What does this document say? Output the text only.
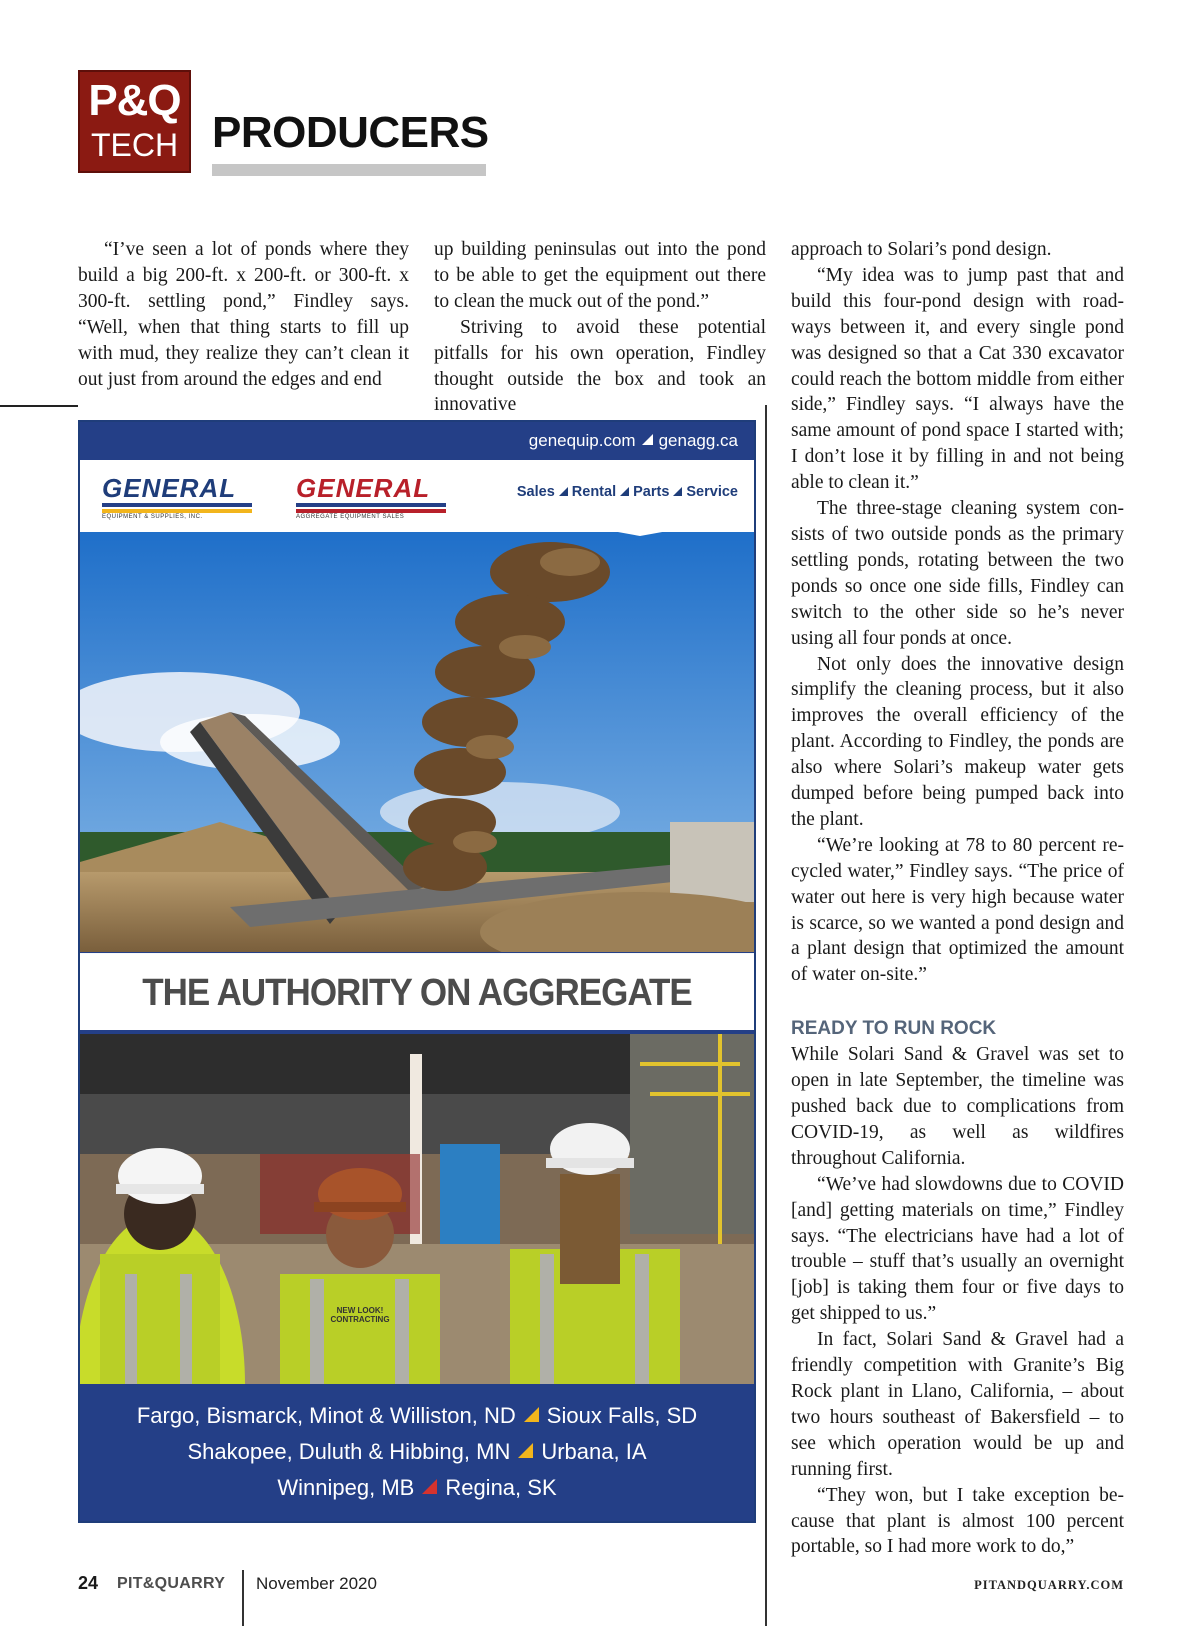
P&Q
TECH PRODUCERS

“I’ve seen a lot of ponds where they build a big 200-ft. x 200-ft. or 300-ft. x 300-ft. settling pond,” Findley says. “Well, when that thing starts to fill up with mud, they realize they can’t clean it out just from around the edges and end

up building peninsulas out into the pond to be able to get the equipment out there to clean the muck out of the pond.”

Striving to avoid these potential pitfalls for his own operation, Findley thought outside the box and took an innovative

approach to Solari’s pond design.

“My idea was to jump past that and build this four-pond design with road-ways between it, and every single pond was designed so that a Cat 330 excavator could reach the bottom middle from either side,” Findley says. “I always have the same amount of pond space I started with; I don’t lose it by filling in and not being able to clean it.”

The three-stage cleaning system con-sists of two outside ponds as the primary settling ponds, rotating between the two ponds so once one side fills, Findley can switch to the other side so he’s never using all four ponds at once.

Not only does the innovative design simplify the cleaning process, but it also improves the overall efficiency of the plant. According to Findley, the ponds are also where Solari’s makeup water gets dumped before being pumped back into the plant.

“We’re looking at 78 to 80 percent re-cycled water,” Findley says. “The price of water out here is very high because water is scarce, so we wanted a pond design and a plant design that optimized the amount of water on-site.”

READY TO RUN ROCK

While Solari Sand & Gravel was set to open in late September, the timeline was pushed back due to complications from COVID-19, as well as wildfires throughout California.

“We’ve had slowdowns due to COVID [and] getting materials on time,” Findley says. “The electricians have had a lot of trouble – stuff that’s usually an overnight [job] is taking them four or five days to get shipped to us.”

In fact, Solari Sand & Gravel had a friendly competition with Granite’s Big Rock plant in Llano, California, – about two hours southeast of Bakersfield – to see which operation would be up and running first.

“They won, but I take exception be-cause that plant is almost 100 percent portable, so I had more work to do,”

genequip.com genagg.ca
GENERAL
EQUIPMENT & SUPPLIES, INC.
GENERAL
AGGREGATE EQUIPMENT SALES
Sales Rental Parts Service
THE AUTHORITY ON AGGREGATE
NEW LOOK! CONTRACTING
Fargo, Bismarck, Minot & Williston, ND Sioux Falls, SD
Shakopee, Duluth & Hibbing, MN Urbana, IA
Winnipeg, MB Regina, SK
24 PIT&QUARRY November 2020	PITANDQUARRY.COM
